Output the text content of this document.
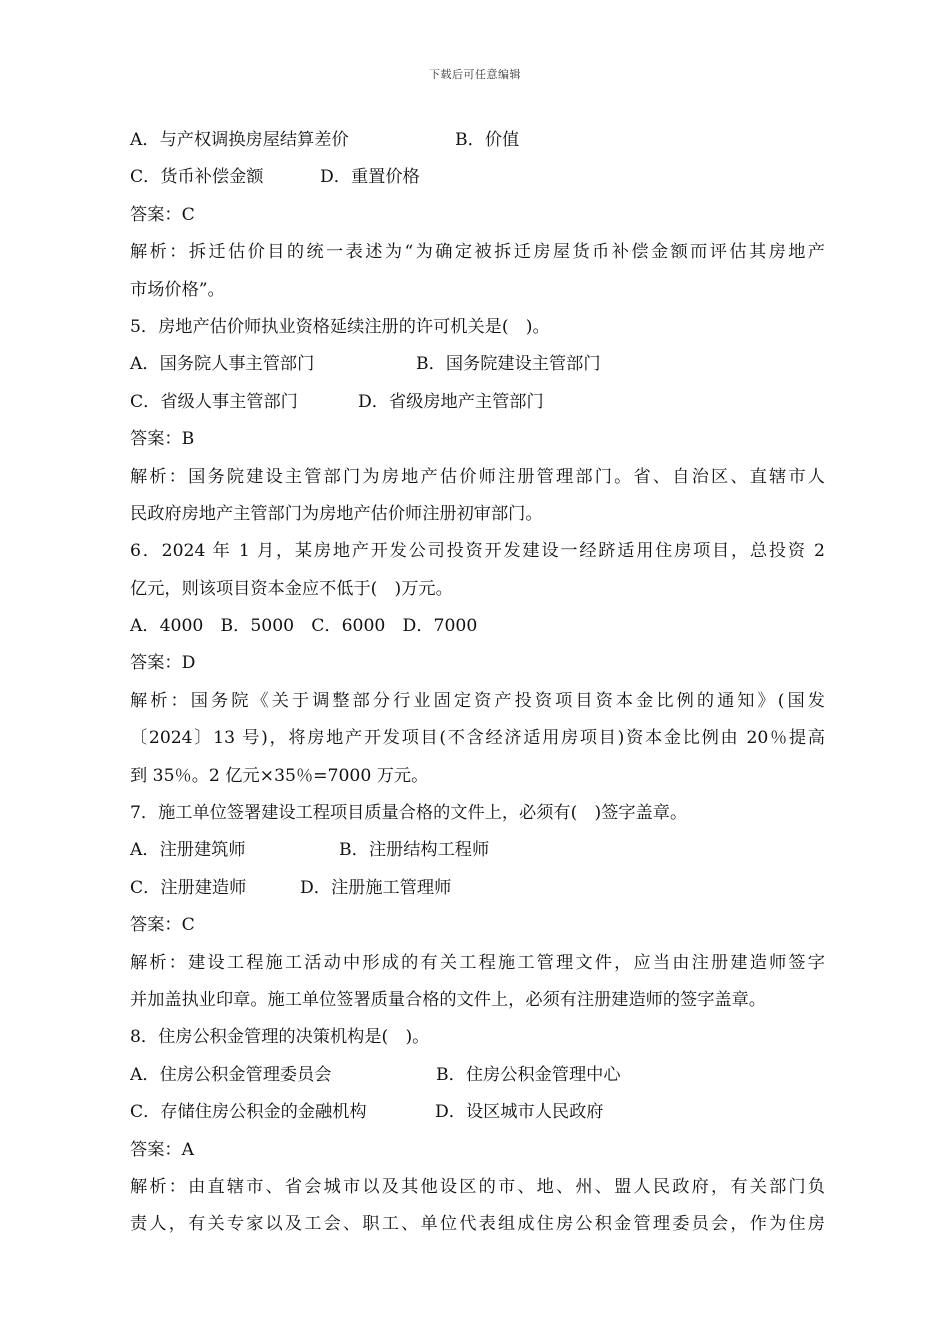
下载后可任意编辑
A．与产权调换房屋结算差价	B．价值
C．货币补偿金额	D．重置价格
答案：C
解析：拆迁估价目的统一表述为“为确定被拆迁房屋货币补偿金额而评估其房地产
市场价格”。
5．房地产估价师执业资格延续注册的许可机关是(　)。
A．国务院人事主管部门	B．国务院建设主管部门
C．省级人事主管部门	D．省级房地产主管部门
答案：B
解析：国务院建设主管部门为房地产估价师注册管理部门。省、自治区、直辖市人
民政府房地产主管部门为房地产估价师注册初审部门。
6．2024 年 1 月，某房地产开发公司投资开发建设一经跻适用住房项目，总投资 2
亿元，则该项目资本金应不低于(　)万元。
A．4000　B．5000　C．6000　D．7000
答案：D
解析：国务院《关于调整部分行业固定资产投资项目资本金比例的通知》(国发
〔2024〕13 号)，将房地产开发项目(不含经济适用房项目)资本金比例由 20％提高
到 35％。2 亿元×35％=7000 万元。
7．施工单位签署建设工程项目质量合格的文件上，必须有(　)签字盖章。
A．注册建筑师	B．注册结构工程师
C．注册建造师	D．注册施工管理师
答案：C
解析：建设工程施工活动中形成的有关工程施工管理文件，应当由注册建造师签字
并加盖执业印章。施工单位签署质量合格的文件上，必须有注册建造师的签字盖章。
8．住房公积金管理的决策机构是(　)。
A．住房公积金管理委员会	B．住房公积金管理中心
C．存储住房公积金的金融机构	D．设区城市人民政府
答案：A
解析：由直辖市、省会城市以及其他设区的市、地、州、盟人民政府，有关部门负
责人，有关专家以及工会、职工、单位代表组成住房公积金管理委员会，作为住房
